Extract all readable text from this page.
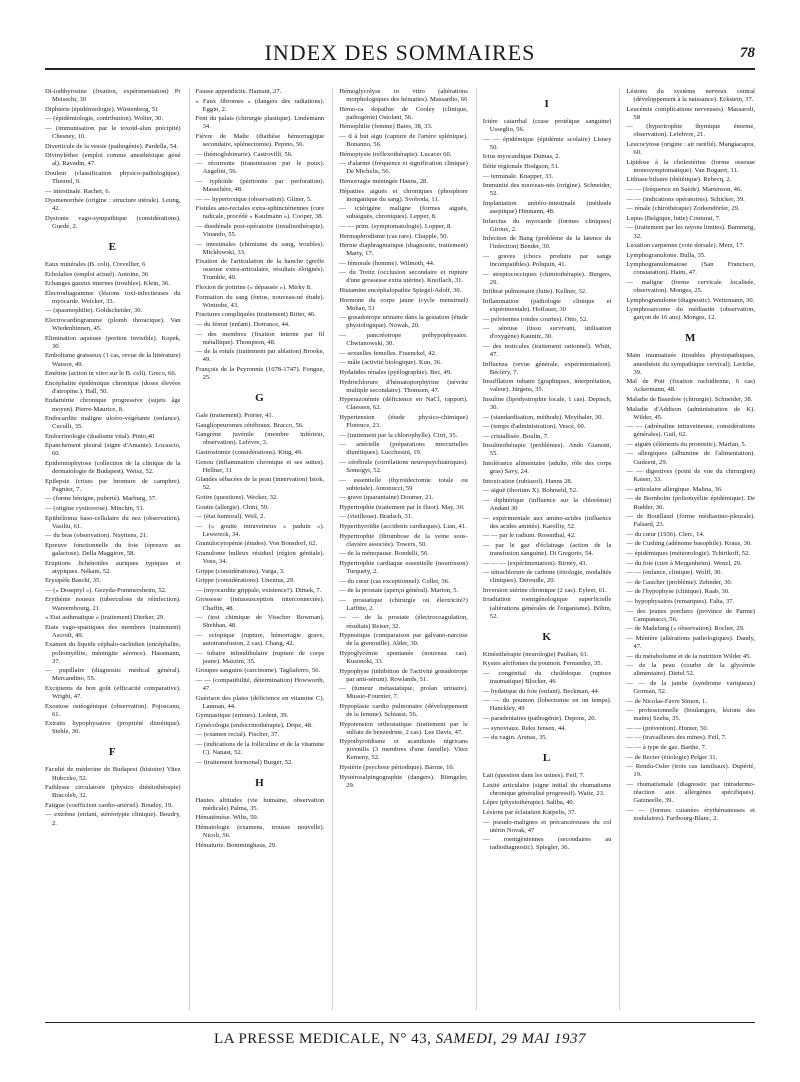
INDEX DES SOMMAIRES	78
Di-iodthyrosine (fixation, expérimentation) Pr Meisecht, 30
Diphtérie (épidémiologie). Wüstenberg, 51
— (épidémiologie, contribution). Wolter, 30.
— (immunisation par le toxoïd-alun précipité) Chesney, 10.
Diverticule de la vessie (pathogénie). Pardella, 54.
Divinyléther (emploi comme anesthésique géné al). Ravadin, 47.
Douleur (classification physico-pathologique). Theurel, 9.
— intestinale. Rachet, 6.
Dysmenorrhée (origine : structure utérale). Leung, 42.
Dystonie vago-sympathique (considérations). Guedé, 2.
E
Eaux minérales (B. coli). Crevellier, 6
Echolalies (emploi actuel). Antoine, 36
Echanges gazeux internes (troubles). Klein, 36.
Electrodiagramme (lésions toxi-infectieuses du myocarde. Weicker, 33.
— (spasmophilie). Goldscheider, 30.
Electrocardiogramme (plomb thoracique). Van Wiedenbinnen, 45.
Elimination aqueuse (portion invisible). Kopek, 30.
Embolisme graisseux (1 cas, revue de la littérature) Watson, 49.
Emétine (action in vitro sur le B. coli). Greco, 66.
Encéphalite épidémique chronique (doses élevées d'atropine.). Hall, 50.
Endartérite chronique progressive (sujets âge moyen). Pierre-Maurice, 8.
Endocardite maligne ulcéro-végétante (enfance). Cuculli, 35.
Endocrinologie (dualisme vital). Pinto,40
Epanchement pleural (signe d'Amante). Locascio, 60.
Epidermophytose (collection de la clinique de la dermatologie de Budapest). Weisz, 52.
Epilepsie (crises par bromure de camphre). Pagniez, 7.
— (forme bénigne, puberté). Marburg, 37.
— (origine cysticerose). Minchin, 51.
Epithélioma baso-cellulaire du nez (observation). Vasiliu, 61.
— du bras (observation). Nuyttens, 21.
Epreuve fonctionnelle du foie (épreuve au galactose). Della Maggiore, 58.
Eruptions lichénoïdes auriques typiques et atypiques. Nékam, 52.
Erysipèle Baschi, 35.
— (« Doseptyl »). Gezyda-Pommersheim, 52.
Erythème noueux (tuberculose de réinfection). Wareembourg, 21.
« Etat asthmatique » (traitement) Dierker, 29.
Etats vago-spastiques des membres (traitement) Ascroft, 49.
Examen du liquide céphalo-rachidien (encéphalite, poliomyélite, méningite aérence). Hassmann, 37.
— pupillaire (diagnostic médical général). Mercandino, 55.
Excipients de bon goût (efficacité comparative). Wright, 47.
Exostose ostéogénique (observation). Pojoscanu, 61.
Extraits hypophysaires (propriété diurétique). Stehle, 30.
F
Faculté de médecine de Budapest (histoire) Vitez Hubczko, 52.
Faiblesse circulatoire (physico diététothérapie) Bracoleb, 32.
Fatigue (coefficient cardio-artériel). Boudey, 19.
— extrême (enfant, stéréotypie clinique). Boudry, 2.
Fausse appendicite. Hamant, 27.
« Faux fibromes » (dangers des radiations). Eggin, 2.
Fent du palais (chirurgie plastique). Lindemann 34.
Fièvre de Malte (diathèse hémorragique secondaire, splénectomie). Pepino, 56.
— (hémoglobinurie). Castrovilli, 56.
— récurrente (transmission par le poux). Angelini, 56.
— typhoïde (péritonite par perforation). Masselière, 48.
— — hypertoxique (observation). Gliner, 5.
Fistules ano-rectales extra-sphinctériennes (cure radicale, procédé « Kaufmann »). Cooper, 38.
— duodénale post-opératoire (insulinothérapie). Vinando, 55.
— intestinales (chimisme du sang, troubles). Mickłowski, 33.
Fixation de l'articulation de la hanche (greffe osseuse extra-articulaire, résultats éloignés). Trumble, 49.
Flexion de poitrine (« dépassée »). Mirky 8.
Formation du sang (fœtus, nouveau-né étude). Wintrobe, 43.
Fractures compliquées (traitement) Ritter, 46.
— du fémur (enfant). Dorrance, 44.
— des membres (fixation interne par fil métallique). Thompson, 48.
— de la rotule (traitement par ablation) Brooke, 49.
François de la Peyronnie (1678-1747). Fongue, 25.
G
Gale (traitement). Poirier, 41.
Gaugliopeuromes cérébraux. Bracco, 56.
Gangrène juvénile (membre inférieur, observation). Lefèvre, 3.
Gastrostomie (considérations). King, 49.
Genou (inflammation chronique et ses suites). Hellner, 31
Glandes sébacées de la peau (innervation) Istok, 52.
Goitre (questions). Wecker, 32.
Goutte (allergie). Chini, 59.
— (état humoral). Weil, 2.
— (« goutte intraveineux » paduin »). Lewereck, 34.
Granulocytopénie (études). Von Bonsdorf, 62.
Granulome hulleux résiduel (région génitale). Vosu, 34.
Grippe (considérations). Varga, 3.
Grippe (considérations). Unenius, 29.
— (myocardite grippale, existence?). Dimek, 7.
Grossesse (intussusception interconnectée). Chaffin, 48.
— (test chimique de Visscher Bowman). Shehhan, 48.
— ectopique (rupture, hémorragie grave, autotransfusion, 2 cas). Chang, 42.
— tubaire infundibulaire (rupture de corps jaune). Mazzini, 35.
Groupes sanguins (carcinome). Tagliaferro, 56.
— — (compatibilité, détermination) Howworth, 47.
Guérison des plaies (déficience en vitamine C). Lanman, 44.
Gymnastique (erreurs). Ledent, 39.
Gynécologie (endocrinothérapie). Dripz, 48.
— (examen rectal). Fischer, 37.
— (indications de la folliculine et de la vitamine C). Nanast, 52.
— (traitement hormonal) Burger, 52.
H
Hautes altitudes (vie humaine, observation médicale) Palma, 35.
Hématémèse. Wilts, 50.
Hématologie (examens, trousse nouvelle). Nicoli, 56.
Hématurie. Bomminghaus, 29.
Hémoglycolyse in vitro (altérations morphologiques des hématies). Massardio, 66
Hémo-ca dopathie de Cooley (clinique, pathogénie) Ostolani, 56.
Hémophilie (femme) Baies, 38, 33.
— d à but aigu (capture de l'artère splénique). Bonanno, 56.
Hémoptysie (réflexothérapie). Lucacer 60.
— d'alarme (fréquence et signification clinique) De Michelis, 56.
Hémorragie méningée Hanns, 28.
Hépatites aiguës et chroniques (phosphore inorganique du sang). Svoboda, 11.
— ictérigène maligne (formes aiguës, subaiguës, chroniques). Lepper, 8.
— — prim. (symptomatologie). Lopper, 8.
Hermaphrodisme (cas rare). Chapple, 50.
Hernie diaphragmatique (diagnostic, traitement) Marty, 17.
— fémorale (homme). Wilmoth, 44.
— du Treitz (occlusion secondaire et rupture d'une grossesse extra utérine). Knoflach, 31.
Histamine encéphalopathie Spiegel-Adolf, 30.
Hormone du corps jaune (cycle menstruel) Mohan, 51
— gonadotrope urinaire dans la gestation (étude physiologique). Nowak, 20.
— pancréotrope préhypophysaire. Chwianowski, 30.
— sexuelles femelles. Fraenckel, 42.
— mâle (activité biologique). Kun, 36.
Hydatides rénales (pyélographie). Bec, 49.
Hydrochlorure d'hématoporphyrine (névrite multiple secondaire). Thomsen, 47.
Hyperazotémie (déficience en NaCl, rapport). Claessen, 62.
Hypertension (étude physico-chimique) Florence, 23.
— (traitement par la chlorophylle). Cirri, 35.
— artérielle (préparations mercurielles diurétiques). Lucchesini, 19.
— cérébrale (corrélations neuropsychiatriques). Somogyi, 52.
— essentielle (thyroïdectomie totale ou subtotale). Antonucci, 59
— grave (quarantaine) Doumer, 21.
Hypertrophie (traitement par le fluor). May, 30.
— (vieillesse). Bradsch, 31.
Hyperthyroïdie (accidents cardiaques). Lian, 41.
Hypertrophie (thrombose de la veine sous-clavière associée). Towers, 50.
— de la ménopause. Rondelli, 56.
Hypertrophie cardiaque essentielle (nourrisson) Turquety, 2.
— du cœur (cas exceptionnel). Collet, 36.
— de la prostate (aperçu général). Marion, 5.
— prostatique (chirurgie ou électricité?) Laffitte, 2.
— — de la prostate (électrocoagulation, résultats) Reiser, 32.
Hypnotique (comparaison par galvano-narcose de la grenouille). Alder, 30.
Hypoglycémie spontanée (nouveau cas). Kusonoki, 33.
Hypophyse (inhibition de l'activité gonadotrope par anti-sérum). Rowlands, 51.
— (tumeur métastatique, prolan urinaire). Mussio-Fournier, 7.
Hypoplasie cardio pulmonaire (développement de la femme). Schiassi, 56.
Hypotension orthostatique (traitement par le sulfate de benzedrine, 2 cas). Lee Davis, 47.
Hypothyroïdisme et acanthosis nigricans juvenilis (3 membres d'une famille). Vitez Kemeny, 52.
Hystérie (psychose périodique). Barrue, 10.
Hystérosalpingographie (dangers). Bömgeler, 29.
I
Ictère catarrhal (crase protéique sanguine) Usseglio, 56.
— — épidémique (épidémie scolaire) Lisney 50.
Ictus myocardique Dumas, 2.
Iléite régionale Hodgson, 51.
— terminale. Knapper, 33.
Immunité des nouveau-nés (origine). Schneider, 52.
Implantation urétéro-intestinale (méthode aseptique) Hinmann, 48.
Infarctus du myocarde (formes cliniques) Giroux, 2.
Infection de Bang (problème de la latence de l'infection) Bender, 30.
— graves (chocs produits par sangs incompatibles). Poliquin, 41.
— streptococciques (chimiothérapie). Burgers, 29.
Infiltrat pulmonaire (lutte). Kellner, 32.
Inflammation (pathologie clinique et expérimentale). Hoffauer, 30
— pelviennes (ondes courtes). Otto, 52.
— séreuse (tissu survivant, utilisation d'oxygène) Kaunitz, 30.
— des testicules (traitement rationnel). Whitt, 47.
Influenza (revue générale, expérimentation). Bécléry, 7.
Insufflation tubaire (graphiques, interprétation, valeur). Jürgens, 35.
Insuline (lipodystrophie locale, 1 cas). Depisch, 30.
— (standardisation, méthode). Meythaler, 30.
— (temps d'administration). Vescé, 60.
— cristallisée. Boulin, 7.
Insulinothérapie (problèmes). Ando Gianotti, 55.
Intolérance alimentaire (adulte, rôle des corps gras) Savy, 24.
Intoxication (rubiazol). Hanns 28.
— aiguë (thorium X). Bohmeld, 52.
— diphtérique (influence sur la chlorémie) Andani 30
— expérimentale aux amino-acides (influence des acides aminés). Karolliy, 52.
— — par le radium. Rosenthal, 42.
— par le gaz d'éclairage (action de la transfusion sanguine). Di Gregorio, 54.
— — — (expérimentation). Birney, 43.
— tétrachlorure de carbone (étiologie, modalités cliniques). Deroudle, 20.
Inversion utérine chronique (2 cas). Eyleer, 61.
Irradiation roentgénologique superficielle (altérations générales de l'organisme). Böhm, 52.
K
Kinésithérapie (neurologie) Paulian, 61.
Kystes aérifomes du poumon. Fernandez, 35.
— congénital du cholédoque (rupture traumatique) Blocker, 46
— hydatique du foie (enfant). Beckman, 44.
— — du poumon (lobectomie en un temps). Hanckley, 49
— paradentaires (pathogénie). Depons, 20.
— synoviaux. Reku Jensen, 44.
— du vagin. Arenas, 35.
L
Lait (question dans les usines). Feil, 7.
Laxité articulaire (signe initial du rhumatisme chronique généralisé progressif). Waitz, 23.
Lèpre (physiothérapie). Saliba, 40.
Lésions par éclatation Karpelis, 37.
— pseudo-malignes et précancéreuses du col utérin Novak, 47
— roentgéniennes (secondaires au radiodiagnostic). Spiegler, 36.
Lésions du système nerveux central (développement à la naissance). Eckstein, 37.
Leucémie complications nerveuses). Massaroli, 58
— (hypertrophie thymique énorme, observation). Lefebvre, 21.
Leucocytose (origine : air raréfié). Mangiacapra, 60.
Lipidose à la cholestérine (forme osseuse monosymptomatique). Van Bogaert, 11.
Lithiase biliaire (diététique). Rebecq, 2.
— — (fréquence en Suède). Martenson, 46.
— — (indications opératoires). Schicker, 39.
— rénale (chirothérapie) Zorkendörfer, 29.
Lupus (Belgique, lutte) Couturat, 7.
— (traitement par les rayons limites). Bammerg, 32.
Luxation carpienne (voie dorsale). Merz, 17.
Lymphogranulome. Bulla, 35.
Lymphogranulomatose (San Francisco, constatation). Haim, 47.
— maligne (forme cervicale localisée, observation). Monges, 25.
Lymphogranulome (diagnostic). Weitzmann, 30.
Lymphosarcome du médiastin (observation, garçon de 16 ans). Monges, 12.
M
Main traumatisée (troubles physiopathiques, anesthésie du sympathique cervical). Leriche, 39.
Mal de Pott (fixation rachidienne, 6 cas) Ackermann, 48.
Maladie de Basedow (chirurgie). Schneider, 38.
Maladie d'Addison (administration de K). Wilder, 45.
— — (adrénaline intraveineuse, considérations générales). Guil, 62.
— aiguës (éléments du pronostic). Marfan, 5.
— allergiques (albumine de l'alimentation). Gudzent, 29.
— — digestives (point de vue du chirurgien) Kaiser, 33.
— articulaire allergique. Malina, 36.
— de Bornholm (poliomyélite épidémique). De Rudder, 30.
— de Bouillaud (forme médiastino-pleurale). Falsard, 23.
— du cœur (1936). Clerc, 14.
— de Cushing (adénome basophile). Kraus, 30.
— épidémiques (météorologie). Tchirikoff, 52.
— du foie (cure à Mergenheim). Wenzl, 29.
— — (enfance, clinique). Wolff, 30.
— de Gaucher (problème). Zehnder, 30.
— de l'hypophyse (clinique). Raab, 30.
— hypophysaires (remarques). Falta, 37.
— des jeunes porchers (province de Parme) Campanacci, 56.
— de Madelung (« observation). Rocher, 29.
— Ménière (altérations pathologiques). Dandy, 47.
— du métabolisme et de la nutrition Wilder 45.
— de la peau (courbe de la glycémie alimentaire). Dietel 52.
— — de la jambe (syndrome variqueux) Gorman, 52.
— de Nicolas-Favre Simon, 1.
— professionnelle (boulangers, lésions des mains) Szeba, 35.
— — (prévention). Hunter, 50.
— — (travailleurs des mines). Feil, 7.
— — à type de gaz. Barthe, 7.
— de Recter (étiologie) Pelger 31.
— Rendu-Osler (trois cas familiaux). Dupérié, 19.
— rhumatismale (diagnostic par intradermo-réaction aux allergènes spécifiques). Gatzneelle, 39.
— — (formes cutanées érythémateuses et nodulaires). Faribourg-Blanc, 2.
LA PRESSE MEDICALE,
N° 43,
SAMEDI, 29 MAI 1937
